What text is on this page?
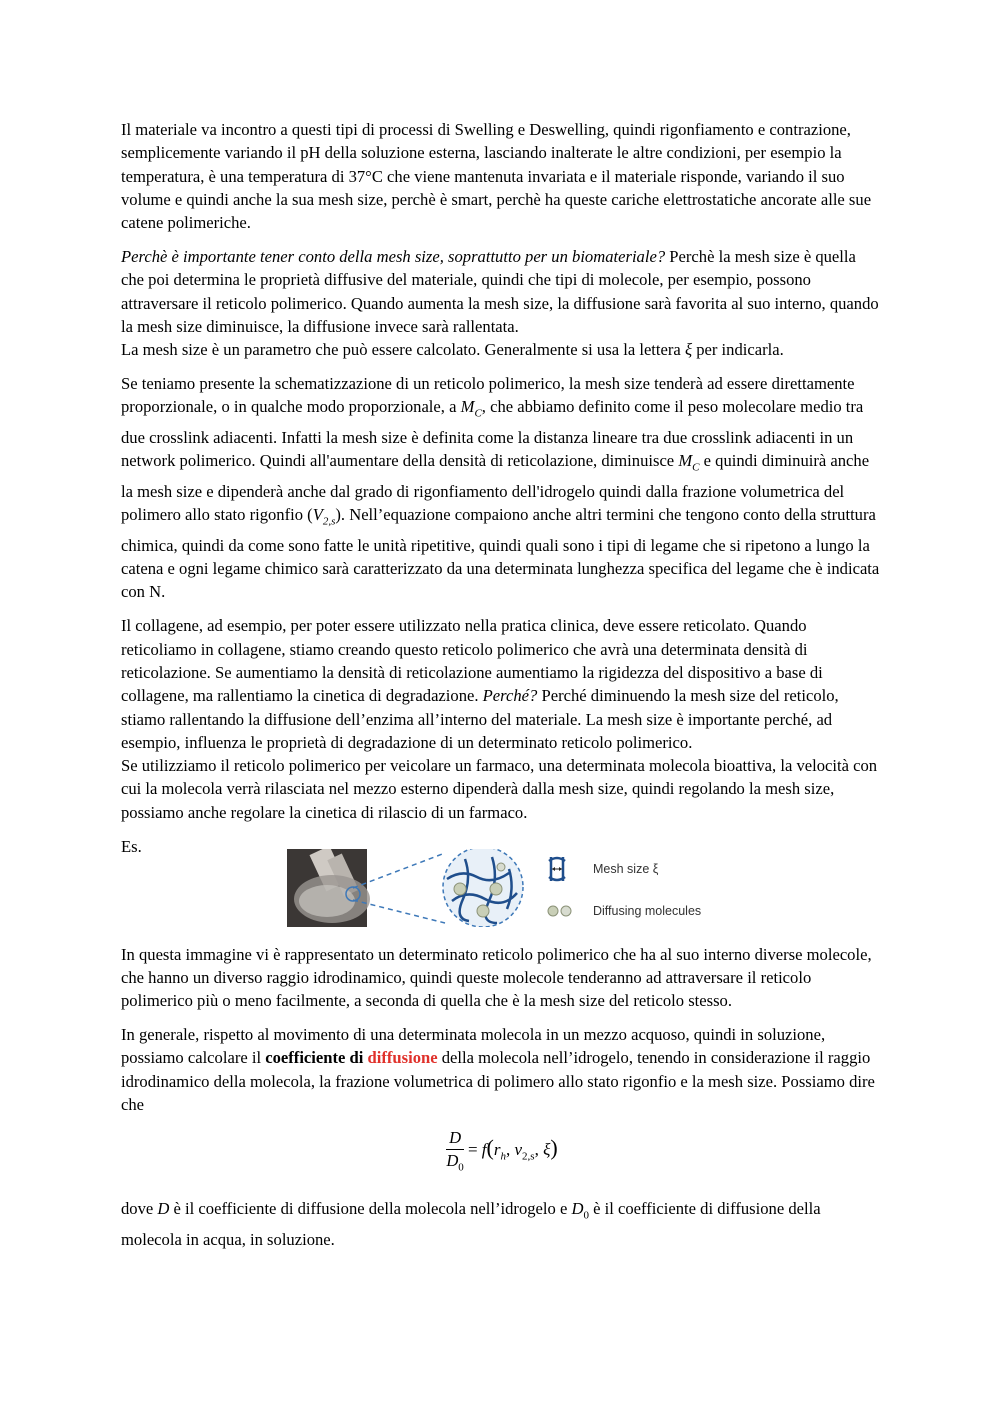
Il materiale va incontro a questi tipi di processi di Swelling e Deswelling, quindi rigonfiamento e contrazione, semplicemente variando il pH della soluzione esterna, lasciando inalterate le altre condizioni, per esempio la temperatura, è una temperatura di 37°C che viene mantenuta invariata e il materiale risponde, variando il suo volume e quindi anche la sua mesh size, perchè è smart, perchè ha queste cariche elettrostatiche ancorate alle sue catene polimeriche.

Perchè è importante tener conto della mesh size, soprattutto per un biomateriale? Perchè la mesh size è quella che poi determina le proprietà diffusive del materiale, quindi che tipi di molecole, per esempio, possono attraversare il reticolo polimerico. Quando aumenta la mesh size, la diffusione sarà favorita al suo interno, quando la mesh size diminuisce, la diffusione invece sarà rallentata.
La mesh size è un parametro che può essere calcolato. Generalmente si usa la lettera ξ per indicarla.

Se teniamo presente la schematizzazione di un reticolo polimerico, la mesh size tenderà ad essere direttamente proporzionale, o in qualche modo proporzionale, a $M_C$, che abbiamo definito come il peso molecolare medio tra due crosslink adiacenti. Infatti la mesh size è definita come la distanza lineare tra due crosslink adiacenti in un network polimerico. Quindi all'aumentare della densità di reticolazione, diminuisce $M_C$ e quindi diminuirà anche la mesh size e dipenderà anche dal grado di rigonfiamento dell'idrogelo quindi dalla frazione volumetrica del polimero allo stato rigonfio $(V_{2,s})$. Nell’equazione compaiono anche altri termini che tengono conto della struttura chimica, quindi da come sono fatte le unità ripetitive, quindi quali sono i tipi di legame che si ripetono a lungo la catena e ogni legame chimico sarà caratterizzato da una determinata lunghezza specifica del legame che è indicata con N.

Il collagene, ad esempio, per poter essere utilizzato nella pratica clinica, deve essere reticolato. Quando reticoliamo in collagene, stiamo creando questo reticolo polimerico che avrà una determinata densità di reticolazione. Se aumentiamo la densità di reticolazione aumentiamo la rigidezza del dispositivo a base di collagene, ma rallentiamo la cinetica di degradazione. Perché? Perché diminuendo la mesh size del reticolo, stiamo rallentando la diffusione dell’enzima all’interno del materiale. La mesh size è importante perché, ad esempio, influenza le proprietà di degradazione di un determinato reticolo polimerico.
Se utilizziamo il reticolo polimerico per veicolare un farmaco, una determinata molecola bioattiva, la velocità con cui la molecola verrà rilasciata nel mezzo esterno dipenderà dalla mesh size, quindi regolando la mesh size, possiamo anche regolare la cinetica di rilascio di un farmaco.

Es.
Mesh size ξ
Diffusing molecules

In questa immagine vi è rappresentato un determinato reticolo polimerico che ha al suo interno diverse molecole, che hanno un diverso raggio idrodinamico, quindi queste molecole tenderanno ad attraversare il reticolo polimerico più o meno facilmente, a seconda di quella che è la mesh size del reticolo stesso.

In generale, rispetto al movimento di una determinata molecola in un mezzo acquoso, quindi in soluzione, possiamo calcolare il coefficiente di diffusione della molecola nell’idrogelo, tenendo in considerazione il raggio idrodinamico della molecola, la frazione volumetrica di polimero allo stato rigonfio e la mesh size. Possiamo dire che

$\frac{D}{D_0} = f(r_h$, $v_{2,s}$, ξ)

dove D è il coefficiente di diffusione della molecola nell’idrogelo e $D_0$ è il coefficiente di diffusione della molecola in acqua, in soluzione.
